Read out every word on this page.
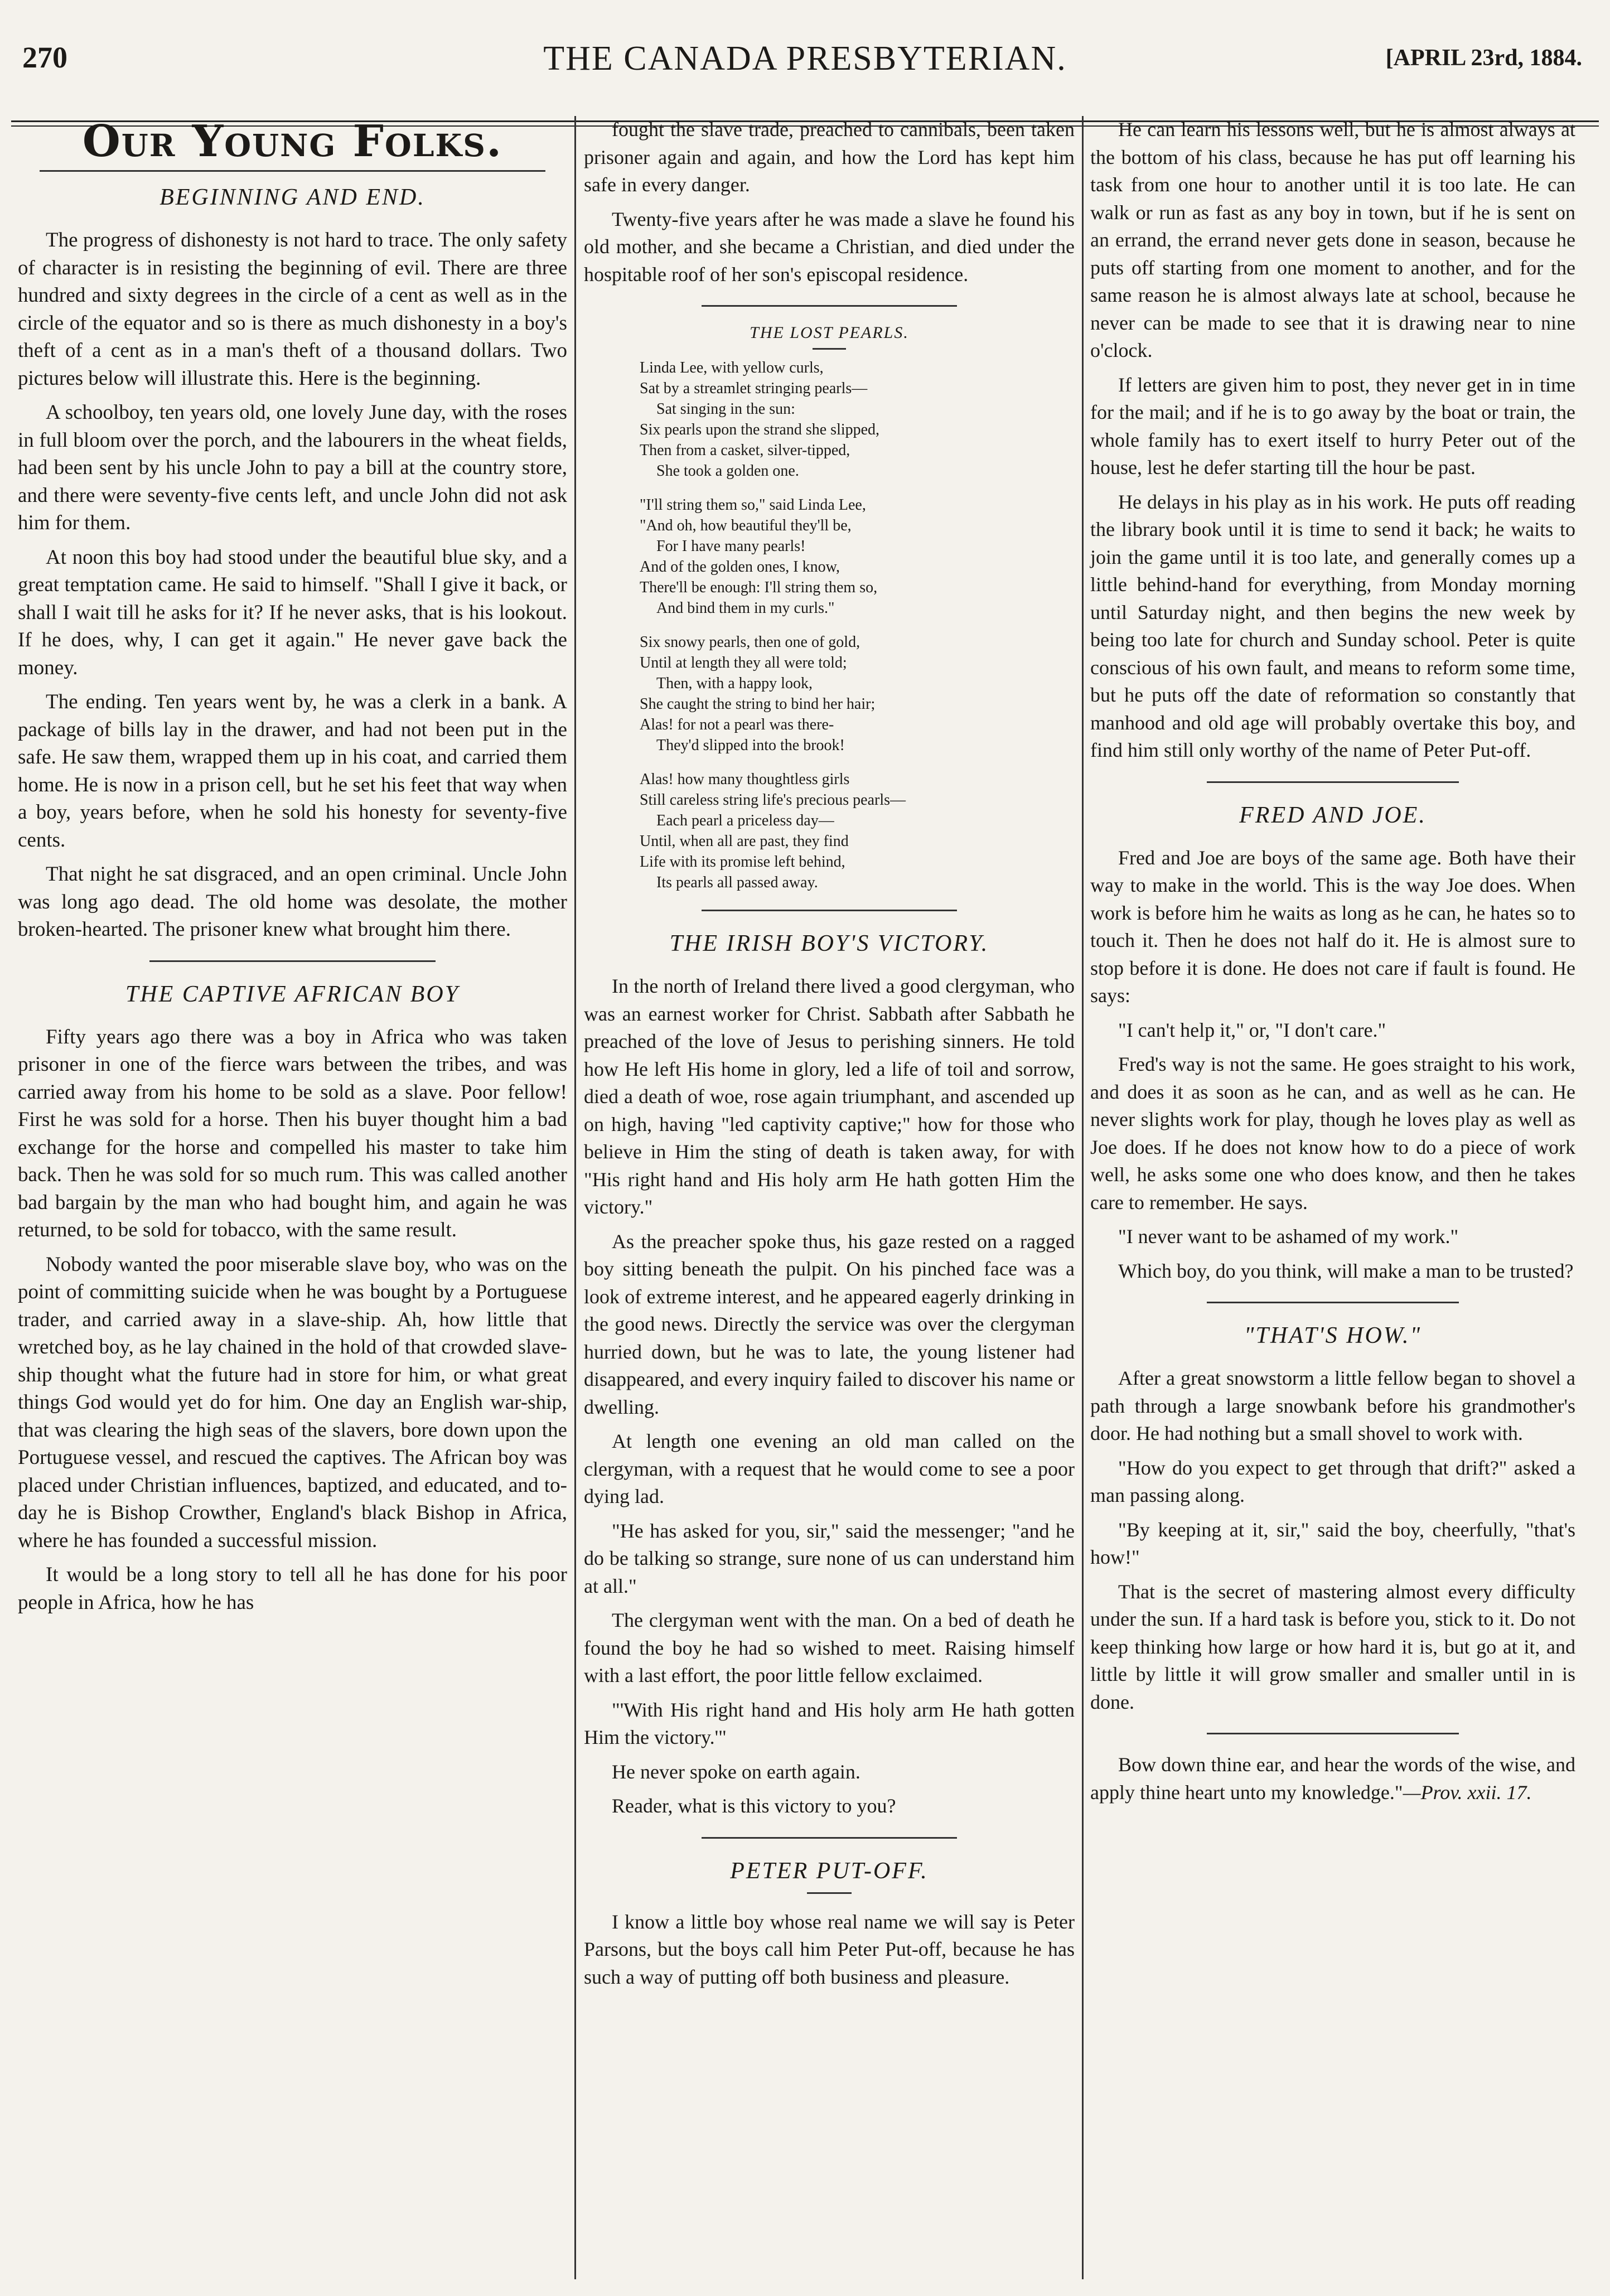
270	THE CANADA PRESBYTERIAN.	[APRIL 23rd, 1884.
Our Young Folks.
BEGINNING AND END.

The progress of dishonesty is not hard to trace. The only safety of character is in resisting the beginning of evil. There are three hundred and sixty degrees in the circle of a cent as well as in the circle of the equator and so is there as much dishonesty in a boy's theft of a cent as in a man's theft of a thousand dollars. Two pictures below will illustrate this. Here is the beginning.

A schoolboy, ten years old, one lovely June day, with the roses in full bloom over the porch, and the labourers in the wheat fields, had been sent by his uncle John to pay a bill at the country store, and there were seventy-five cents left, and uncle John did not ask him for them.

At noon this boy had stood under the beautiful blue sky, and a great temptation came. He said to himself. "Shall I give it back, or shall I wait till he asks for it? If he never asks, that is his lookout. If he does, why, I can get it again." He never gave back the money.

The ending. Ten years went by, he was a clerk in a bank. A package of bills lay in the drawer, and had not been put in the safe. He saw them, wrapped them up in his coat, and carried them home. He is now in a prison cell, but he set his feet that way when a boy, years before, when he sold his honesty for seventy-five cents.

That night he sat disgraced, and an open criminal. Uncle John was long ago dead. The old home was desolate, the mother broken-hearted. The prisoner knew what brought him there.

THE CAPTIVE AFRICAN BOY

Fifty years ago there was a boy in Africa who was taken prisoner in one of the fierce wars between the tribes, and was carried away from his home to be sold as a slave. Poor fellow! First he was sold for a horse. Then his buyer thought him a bad exchange for the horse and compelled his master to take him back. Then he was sold for so much rum. This was called another bad bargain by the man who had bought him, and again he was returned, to be sold for tobacco, with the same result.

Nobody wanted the poor miserable slave boy, who was on the point of committing suicide when he was bought by a Portuguese trader, and carried away in a slave-ship. Ah, how little that wretched boy, as he lay chained in the hold of that crowded slave-ship thought what the future had in store for him, or what great things God would yet do for him. One day an English war-ship, that was clearing the high seas of the slavers, bore down upon the Portuguese vessel, and rescued the captives. The African boy was placed under Christian influences, baptized, and educated, and to-day he is Bishop Crowther, England's black Bishop in Africa, where he has founded a successful mission.

It would be a long story to tell all he has done for his poor people in Africa, how he has

fought the slave trade, preached to cannibals, been taken prisoner again and again, and how the Lord has kept him safe in every danger.

Twenty-five years after he was made a slave he found his old mother, and she became a Christian, and died under the hospitable roof of her son's episcopal residence.

THE LOST PEARLS.
Linda Lee, with yellow curls,
Sat by a streamlet stringing pearls—
Sat singing in the sun:
Six pearls upon the strand she slipped,
Then from a casket, silver-tipped,
She took a golden one.
"I'll string them so," said Linda Lee,
"And oh, how beautiful they'll be,
For I have many pearls!
And of the golden ones, I know,
There'll be enough: I'll string them so,
And bind them in my curls."
Six snowy pearls, then one of gold,
Until at length they all were told;
Then, with a happy look,
She caught the string to bind her hair;
Alas! for not a pearl was there-
They'd slipped into the brook!
Alas! how many thoughtless girls
Still careless string life's precious pearls—
Each pearl a priceless day—
Until, when all are past, they find
Life with its promise left behind,
Its pearls all passed away.
THE IRISH BOY'S VICTORY.

In the north of Ireland there lived a good clergyman, who was an earnest worker for Christ. Sabbath after Sabbath he preached of the love of Jesus to perishing sinners. He told how He left His home in glory, led a life of toil and sorrow, died a death of woe, rose again triumphant, and ascended up on high, having "led captivity captive;" how for those who believe in Him the sting of death is taken away, for with "His right hand and His holy arm He hath gotten Him the victory."

As the preacher spoke thus, his gaze rested on a ragged boy sitting beneath the pulpit. On his pinched face was a look of extreme interest, and he appeared eagerly drinking in the good news. Directly the service was over the clergyman hurried down, but he was to late, the young listener had disappeared, and every inquiry failed to discover his name or dwelling.

At length one evening an old man called on the clergyman, with a request that he would come to see a poor dying lad.

"He has asked for you, sir," said the messenger; "and he do be talking so strange, sure none of us can understand him at all."

The clergyman went with the man. On a bed of death he found the boy he had so wished to meet. Raising himself with a last effort, the poor little fellow exclaimed.

"'With His right hand and His holy arm He hath gotten Him the victory.'"

He never spoke on earth again.

Reader, what is this victory to you?

PETER PUT-OFF.

I know a little boy whose real name we will say is Peter Parsons, but the boys call him Peter Put-off, because he has such a way of putting off both business and pleasure.

He can learn his lessons well, but he is almost always at the bottom of his class, because he has put off learning his task from one hour to another until it is too late. He can walk or run as fast as any boy in town, but if he is sent on an errand, the errand never gets done in season, because he puts off starting from one moment to another, and for the same reason he is almost always late at school, because he never can be made to see that it is drawing near to nine o'clock.

If letters are given him to post, they never get in in time for the mail; and if he is to go away by the boat or train, the whole family has to exert itself to hurry Peter out of the house, lest he defer starting till the hour be past.

He delays in his play as in his work. He puts off reading the library book until it is time to send it back; he waits to join the game until it is too late, and generally comes up a little behind-hand for everything, from Monday morning until Saturday night, and then begins the new week by being too late for church and Sunday school. Peter is quite conscious of his own fault, and means to reform some time, but he puts off the date of reformation so constantly that manhood and old age will probably overtake this boy, and find him still only worthy of the name of Peter Put-off.

FRED AND JOE.

Fred and Joe are boys of the same age. Both have their way to make in the world. This is the way Joe does. When work is before him he waits as long as he can, he hates so to touch it. Then he does not half do it. He is almost sure to stop before it is done. He does not care if fault is found. He says:

"I can't help it," or, "I don't care."

Fred's way is not the same. He goes straight to his work, and does it as soon as he can, and as well as he can. He never slights work for play, though he loves play as well as Joe does. If he does not know how to do a piece of work well, he asks some one who does know, and then he takes care to remember. He says.

"I never want to be ashamed of my work."

Which boy, do you think, will make a man to be trusted?

"THAT'S HOW."

After a great snowstorm a little fellow began to shovel a path through a large snowbank before his grandmother's door. He had nothing but a small shovel to work with.

"How do you expect to get through that drift?" asked a man passing along.

"By keeping at it, sir," said the boy, cheerfully, "that's how!"

That is the secret of mastering almost every difficulty under the sun. If a hard task is before you, stick to it. Do not keep thinking how large or how hard it is, but go at it, and little by little it will grow smaller and smaller until in is done.

Bow down thine ear, and hear the words of the wise, and apply thine heart unto my knowledge."—Prov. xxii. 17.
